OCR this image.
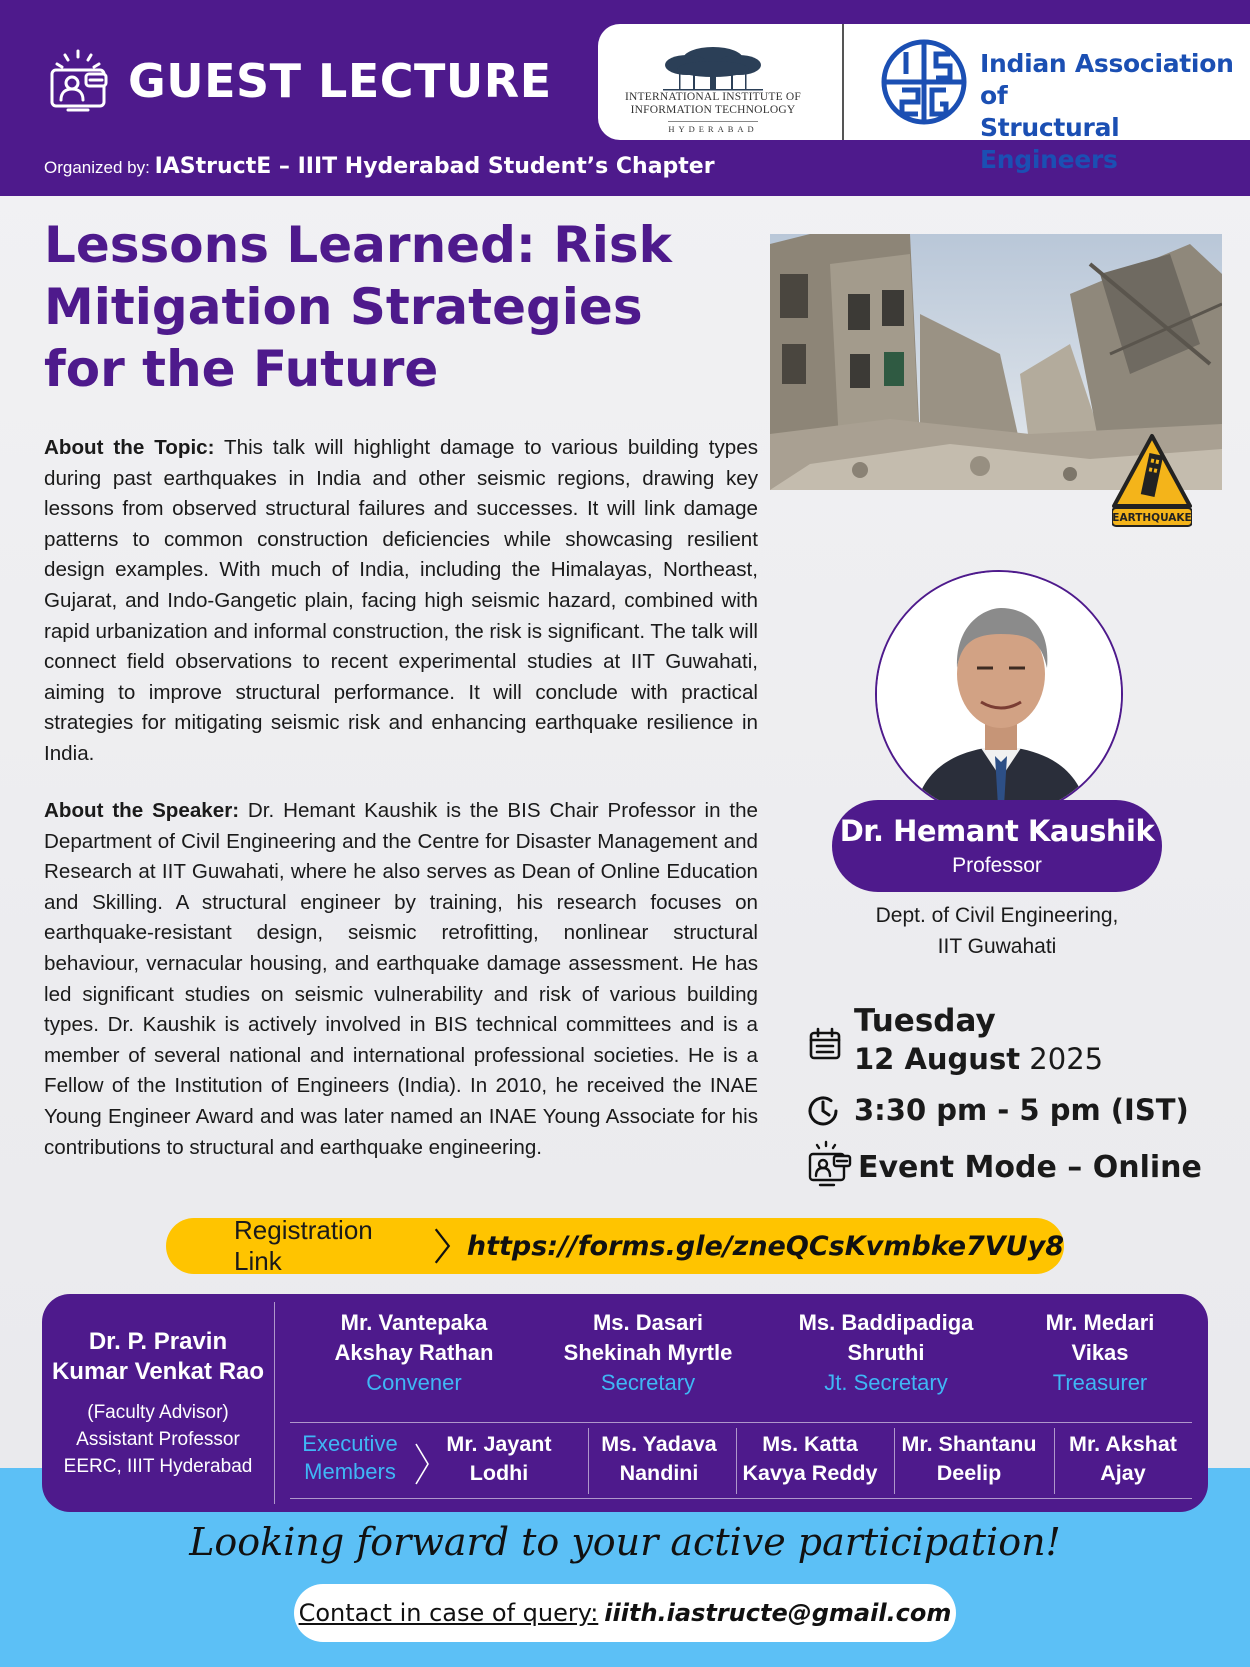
GUEST LECTURE
Organized by: IAStructE – IIIT Hyderabad Student’s Chapter
INTERNATIONAL INSTITUTE OF
INFORMATION TECHNOLOGY
HYDERABAD
Indian Association of
Structural Engineers
Lessons Learned: Risk
Mitigation Strategies
for the Future

About the Topic: This talk will highlight damage to various building types during past earthquakes in India and other seismic regions, drawing key lessons from observed structural failures and successes. It will link damage patterns to common construction deficiencies while showcasing resilient design examples. With much of India, including the Himalayas, Northeast, Gujarat, and Indo-Gangetic plain, facing high seismic hazard, combined with rapid urbanization and informal construction, the risk is significant. The talk will connect field observations to recent experimental studies at IIT Guwahati, aiming to improve structural performance. It will conclude with practical strategies for mitigating seismic risk and enhancing earthquake resilience in India.

About the Speaker: Dr. Hemant Kaushik is the BIS Chair Professor in the Department of Civil Engineering and the Centre for Disaster Management and Research at IIT Guwahati, where he also serves as Dean of Online Education and Skilling. A structural engineer by training, his research focuses on earthquake-resistant design, seismic retrofitting, nonlinear structural behaviour, vernacular housing, and earthquake damage assessment. He has led significant studies on seismic vulnerability and risk of various building types. Dr. Kaushik is actively involved in BIS technical committees and is a member of several national and international professional societies. He is a Fellow of the Institution of Engineers (India). In 2010, he received the INAE Young Engineer Award and was later named an INAE Young Associate for his contributions to structural and earthquake engineering.

EARTHQUAKE
Dr. Hemant Kaushik
Professor
Dept. of Civil Engineering,
IIT Guwahati
Tuesday
12 August 2025
3:30 pm - 5 pm (IST)
Event Mode – Online
Registration Link	https://forms.gle/zneQCsKvmbke7VUy8
Dr. P. Pravin
Kumar Venkat Rao
(Faculty Advisor)
Assistant Professor
EERC, IIIT Hyderabad
Mr. Vantepaka
Akshay Rathan
Convener
Ms. Dasari
Shekinah Myrtle
Secretary
Ms. Baddipadiga
Shruthi
Jt. Secretary
Mr. Medari
Vikas
Treasurer
Executive
Members
Mr. Jayant
Lodhi
Ms. Yadava
Nandini
Ms. Katta
Kavya Reddy
Mr. Shantanu
Deelip
Mr. Akshat
Ajay
Looking forward to your active participation!
Contact in case of query: iiith.iastructe@gmail.com
